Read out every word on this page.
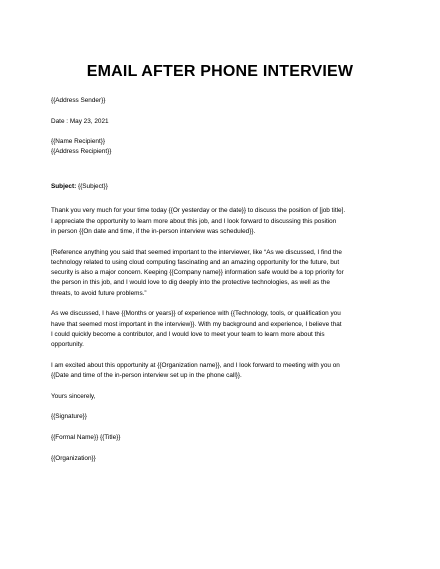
EMAIL AFTER PHONE INTERVIEW

{{Address Sender}}

Date : May 23, 2021

{{Name Recipient}}

{{Address Recipient}}

Subject: {{Subject}}

Thank you very much for your time today {{Or yesterday or the date}} to discuss the position of [job title].
I appreciate the opportunity to learn more about this job, and I look forward to discussing this position
in person {{On date and time, if the in-person interview was scheduled}}.

[Reference anything you said that seemed important to the interviewer, like “As we discussed, I find the
technology related to using cloud computing fascinating and an amazing opportunity for the future, but
security is also a major concern. Keeping {{Company name}} information safe would be a top priority for
the person in this job, and I would love to dig deeply into the protective technologies, as well as the
threats, to avoid future problems.”

As we discussed, I have {{Months or years}} of experience with {{Technology, tools, or qualification you
have that seemed most important in the interview}}. With my background and experience, I believe that
I could quickly become a contributor, and I would love to meet your team to learn more about this
opportunity.

I am excited about this opportunity at {{Organization name}}, and I look forward to meeting with you on
{{Date and time of the in-person interview set up in the phone call}}.

Yours sincerely,

{{Signature}}

{{Formal Name}} {{Title}}

{{Organization}}
